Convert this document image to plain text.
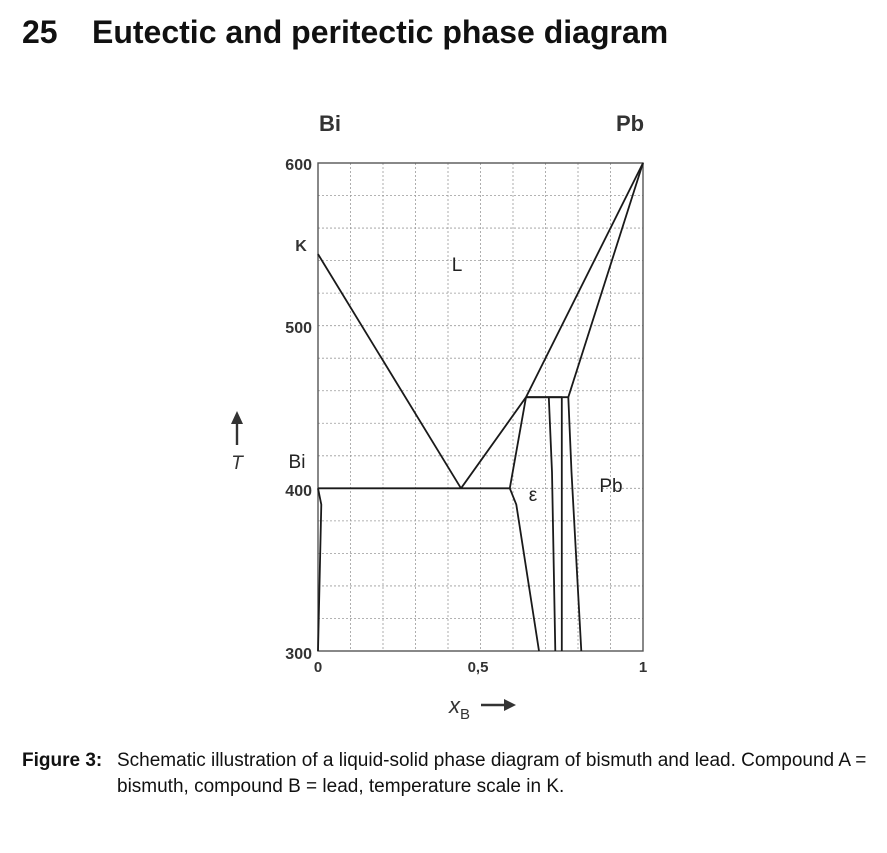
25 Eutectic and peritectic phase diagram
Bi	Pb
600
500
400
300
K
0	0,5	1
T
$x_B$
L
Bi
ε	Pb
Figure 3: Schematic illustration of a liquid-solid phase diagram of bismuth and lead. Compound A = bismuth, compound B = lead, temperature scale in K.
